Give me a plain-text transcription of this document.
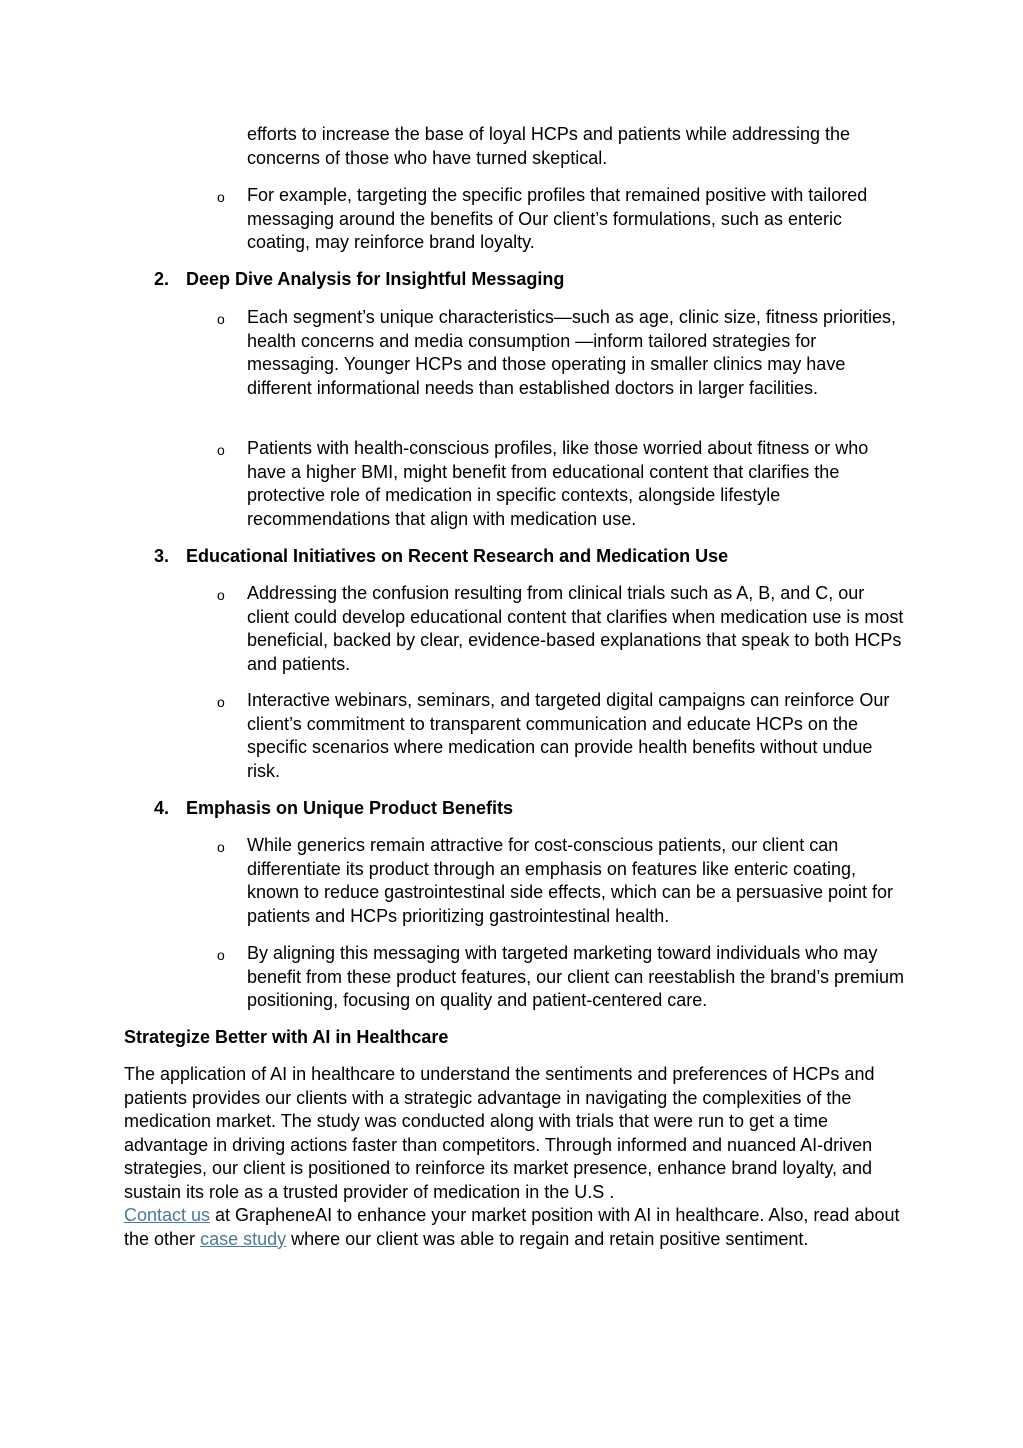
efforts to increase the base of loyal HCPs and patients while addressing the concerns of those who have turned skeptical.

o For example, targeting the specific profiles that remained positive with tailored messaging around the benefits of Our client’s formulations, such as enteric coating, may reinforce brand loyalty.

2. Deep Dive Analysis for Insightful Messaging

o Each segment’s unique characteristics—such as age, clinic size, fitness priorities, health concerns and media consumption —inform tailored strategies for messaging. Younger HCPs and those operating in smaller clinics may have different informational needs than established doctors in larger facilities.

o Patients with health-conscious profiles, like those worried about fitness or who have a higher BMI, might benefit from educational content that clarifies the protective role of medication in specific contexts, alongside lifestyle recommendations that align with medication use.

3. Educational Initiatives on Recent Research and Medication Use

o Addressing the confusion resulting from clinical trials such as A, B, and C, our client could develop educational content that clarifies when medication use is most beneficial, backed by clear, evidence-based explanations that speak to both HCPs and patients.

o Interactive webinars, seminars, and targeted digital campaigns can reinforce Our client’s commitment to transparent communication and educate HCPs on the specific scenarios where medication can provide health benefits without undue risk.

4. Emphasis on Unique Product Benefits

o While generics remain attractive for cost-conscious patients, our client can differentiate its product through an emphasis on features like enteric coating, known to reduce gastrointestinal side effects, which can be a persuasive point for patients and HCPs prioritizing gastrointestinal health.

o By aligning this messaging with targeted marketing toward individuals who may benefit from these product features, our client can reestablish the brand’s premium positioning, focusing on quality and patient-centered care.

Strategize Better with AI in Healthcare

The application of AI in healthcare to understand the sentiments and preferences of HCPs and patients provides our clients with a strategic advantage in navigating the complexities of the medication market. The study was conducted along with trials that were run to get a time advantage in driving actions faster than competitors. Through informed and nuanced AI-driven strategies, our client is positioned to reinforce its market presence, enhance brand loyalty, and sustain its role as a trusted provider of medication in the U.S .

Contact us at GrapheneAI to enhance your market position with AI in healthcare. Also, read about the other case study where our client was able to regain and retain positive sentiment.
